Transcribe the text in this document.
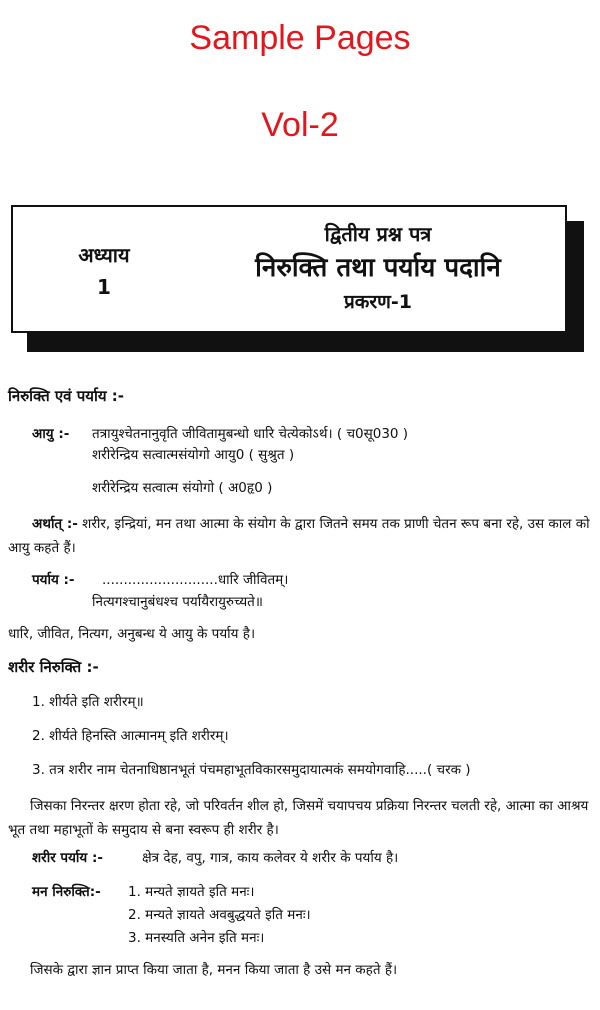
Sample Pages
Vol-2
अध्याय
1
द्वितीय प्रश्न पत्र
निरुक्ति तथा पर्याय पदानि
प्रकरण-1
निरुक्ति एवं पर्याय :-
आयु :- तत्रायुश्चेतनानुवृति जीवितामुबन्धो धारि चेत्येकोऽर्थ। ( च0सू030 )
शरीरेन्द्रिय सत्वात्मसंयोगो आयु0 ( सुश्रुत )
शरीरेन्द्रिय सत्वात्म संयोगो ( अ0हृ0 )
अर्थात् :- शरीर, इन्द्रियां, मन तथा आत्मा के संयोग के द्वारा जितने समय तक प्राणी चेतन रूप बना रहे, उस काल को आयु कहते हैं।
पर्याय :- ...........................धारि जीवितम्।
नित्यगश्चानुबंधश्च पर्यायैरायुरुच्यते॥
धारि, जीवित, नित्यग, अनुबन्ध ये आयु के पर्याय है।
शरीर निरुक्ति :-
1. शीर्यते इति शरीरम्॥
2. शीर्यते हिनस्ति आत्मानम् इति शरीरम्।
3. तत्र शरीर नाम चेतनाधिष्ठानभूतं पंचमहाभूतविकारसमुदायात्मकं समयोगवाहि.....( चरक )
जिसका निरन्तर क्षरण होता रहे, जो परिवर्तन शील हो, जिसमें चयापचय प्रक्रिया निरन्तर चलती रहे, आत्मा का आश्रय भूत तथा महाभूतों के समुदाय से बना स्वरूप ही शरीर है।
शरीर पर्याय :-	क्षेत्र देह, वपु, गात्र, काय कलेवर ये शरीर के पर्याय है।
मन निरुक्ति:- 1. मन्यते ज्ञायते इति मनः।
2. मन्यते ज्ञायते अवबुद्धयते इति मनः।
3. मनस्यति अनेन इति मनः।
जिसके द्वारा ज्ञान प्राप्त किया जाता है, मनन किया जाता है उसे मन कहते हैं।
